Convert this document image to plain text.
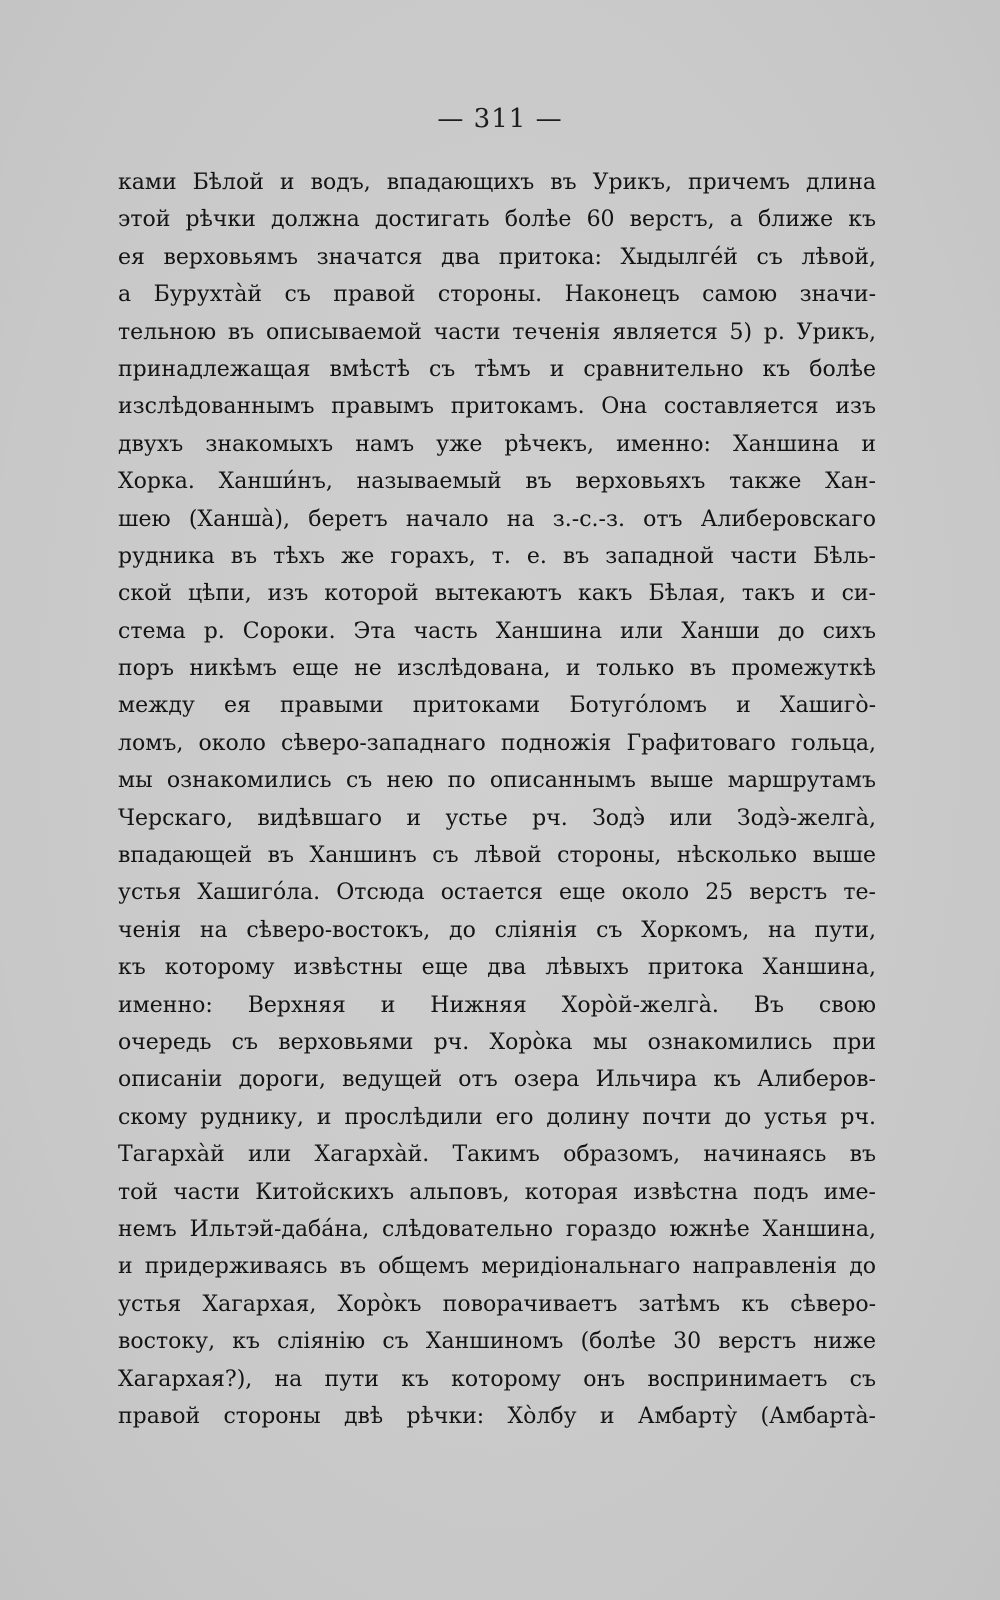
— 311 —
ками Бѣлой и водъ, впадающихъ въ Урикъ, причемъ длина
этой рѣчки должна достигать болѣе 60 верстъ, а ближе къ
ея верховьямъ значатся два притока: Хыдылге́й съ лѣвой,
а Бурухта̀й съ правой стороны. Наконецъ самою значи-
тельною въ описываемой части теченія является 5) р. Урикъ,
принадлежащая вмѣстѣ съ тѣмъ и сравнительно къ болѣе
изслѣдованнымъ правымъ притокамъ. Она составляется изъ
двухъ знакомыхъ намъ уже рѣчекъ, именно: Ханшина и
Хорка. Ханши́нъ, называемый въ верховьяхъ также Хан-
шею (Ханша̀), беретъ начало на з.-с.-з. отъ Алиберовскаго
рудника въ тѣхъ же горахъ, т. е. въ западной части Бѣль-
ской цѣпи, изъ которой вытекаютъ какъ Бѣлая, такъ и си-
стема р. Сороки. Эта часть Ханшина или Ханши до сихъ
поръ никѣмъ еще не изслѣдована, и только въ промежуткѣ
между ея правыми притоками Ботуго́ломъ и Хашиго̀-
ломъ, около сѣверо-западнаго подножія Графитоваго гольца,
мы ознакомились съ нею по описаннымъ выше маршрутамъ
Черскаго, видѣвшаго и устье рч. Зодэ̀ или Зодэ̀-желга̀,
впадающей въ Ханшинъ съ лѣвой стороны, нѣсколько выше
устья Хашиго́ла. Отсюда остается еще около 25 верстъ те-
ченія на сѣверо-востокъ, до сліянія съ Хоркомъ, на пути,
къ которому извѣстны еще два лѣвыхъ притока Ханшина,
именно: Верхняя и Нижняя Хоро̀й-желга̀. Въ свою
очередь съ верховьями рч. Хоро̀ка мы ознакомились при
описаніи дороги, ведущей отъ озера Ильчира къ Алиберов-
скому руднику, и прослѣдили его долину почти до устья рч.
Тагарха̀й или Хагарха̀й. Такимъ образомъ, начинаясь въ
той части Китойскихъ альповъ, которая извѣстна подъ име-
немъ Ильтэй-даба́на, слѣдовательно гораздо южнѣе Ханшина,
и придерживаясь въ общемъ меридіональнаго направленія до
устья Хагархая, Хоро̀къ поворачиваетъ затѣмъ къ сѣверо-
востоку, къ сліянію съ Ханшиномъ (болѣе 30 верстъ ниже
Хагархая?), на пути къ которому онъ воспринимаетъ съ
правой стороны двѣ рѣчки: Хо̀лбу и Амбарту̀ (Амбарта̀-
